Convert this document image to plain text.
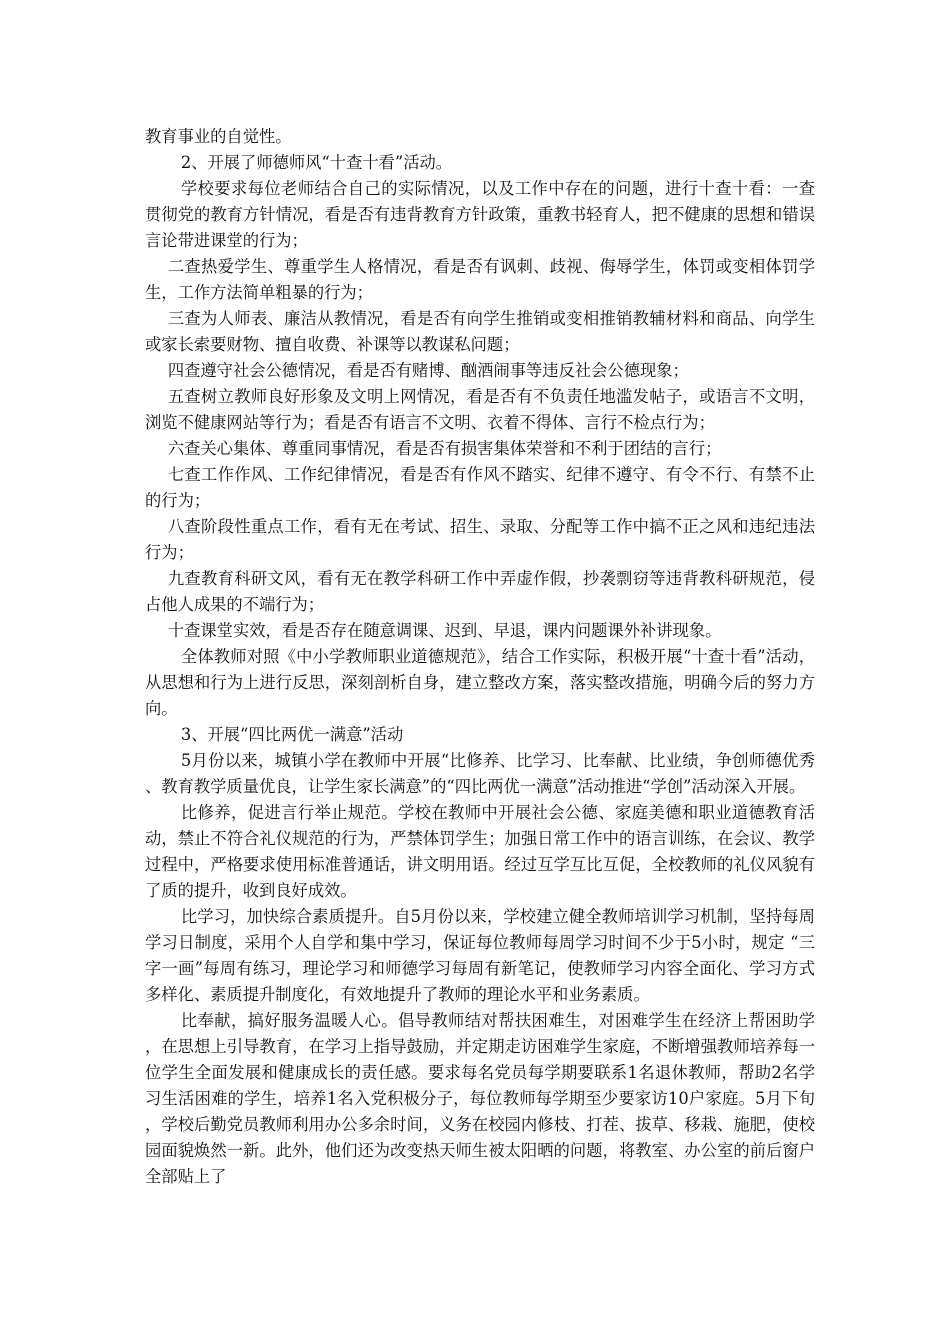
教育事业的自觉性。

2、开展了师德师风“十查十看”活动。

学校要求每位老师结合自己的实际情况，以及工作中存在的问题，进行十查十看：一查贯彻党的教育方针情况，看是否有违背教育方针政策，重教书轻育人，把不健康的思想和错误言论带进课堂的行为；

二查热爱学生、尊重学生人格情况，看是否有讽刺、歧视、侮辱学生，体罚或变相体罚学生，工作方法简单粗暴的行为；

三查为人师表、廉洁从教情况，看是否有向学生推销或变相推销教辅材料和商品、向学生或家长索要财物、擅自收费、补课等以教谋私问题；

四查遵守社会公德情况，看是否有赌博、酗酒闹事等违反社会公德现象；

五查树立教师良好形象及文明上网情况，看是否有不负责任地滥发帖子，或语言不文明，浏览不健康网站等行为；看是否有语言不文明、衣着不得体、言行不检点行为；

六查关心集体、尊重同事情况，看是否有损害集体荣誉和不利于团结的言行；

七查工作作风、工作纪律情况，看是否有作风不踏实、纪律不遵守、有令不行、有禁不止的行为；

八查阶段性重点工作，看有无在考试、招生、录取、分配等工作中搞不正之风和违纪违法行为；

九查教育科研文风，看有无在教学科研工作中弄虚作假，抄袭剽窃等违背教科研规范，侵占他人成果的不端行为；

十查课堂实效，看是否存在随意调课、迟到、早退，课内问题课外补讲现象。

全体教师对照《中小学教师职业道德规范》，结合工作实际，积极开展“十查十看”活动，从思想和行为上进行反思，深刻剖析自身，建立整改方案，落实整改措施，明确今后的努力方向。

3、开展“四比两优一满意”活动

5月份以来，城镇小学在教师中开展“比修养、比学习、比奉献、比业绩，争创师德优秀、教育教学质量优良，让学生家长满意”的“四比两优一满意”活动推进“学创”活动深入开展。

比修养，促进言行举止规范。学校在教师中开展社会公德、家庭美德和职业道德教育活动，禁止不符合礼仪规范的行为，严禁体罚学生；加强日常工作中的语言训练，在会议、教学过程中，严格要求使用标准普通话，讲文明用语。经过互学互比互促，全校教师的礼仪风貌有了质的提升，收到良好成效。

比学习，加快综合素质提升。自5月份以来，学校建立健全教师培训学习机制，坚持每周学习日制度，采用个人自学和集中学习，保证每位教师每周学习时间不少于5小时，规定 “三字一画”每周有练习，理论学习和师德学习每周有新笔记，使教师学习内容全面化、学习方式多样化、素质提升制度化，有效地提升了教师的理论水平和业务素质。

比奉献，搞好服务温暖人心。倡导教师结对帮扶困难生，对困难学生在经济上帮困助学，在思想上引导教育，在学习上指导鼓励，并定期走访困难学生家庭，不断增强教师培养每一位学生全面发展和健康成长的责任感。要求每名党员每学期要联系1名退休教师，帮助2名学习生活困难的学生，培养1名入党积极分子，每位教师每学期至少要家访10户家庭。5月下旬，学校后勤党员教师利用办公多余时间，义务在校园内修枝、打茬、拔草、移栽、施肥，使校园面貌焕然一新。此外，他们还为改变热天师生被太阳晒的问题，将教室、办公室的前后窗户全部贴上了
